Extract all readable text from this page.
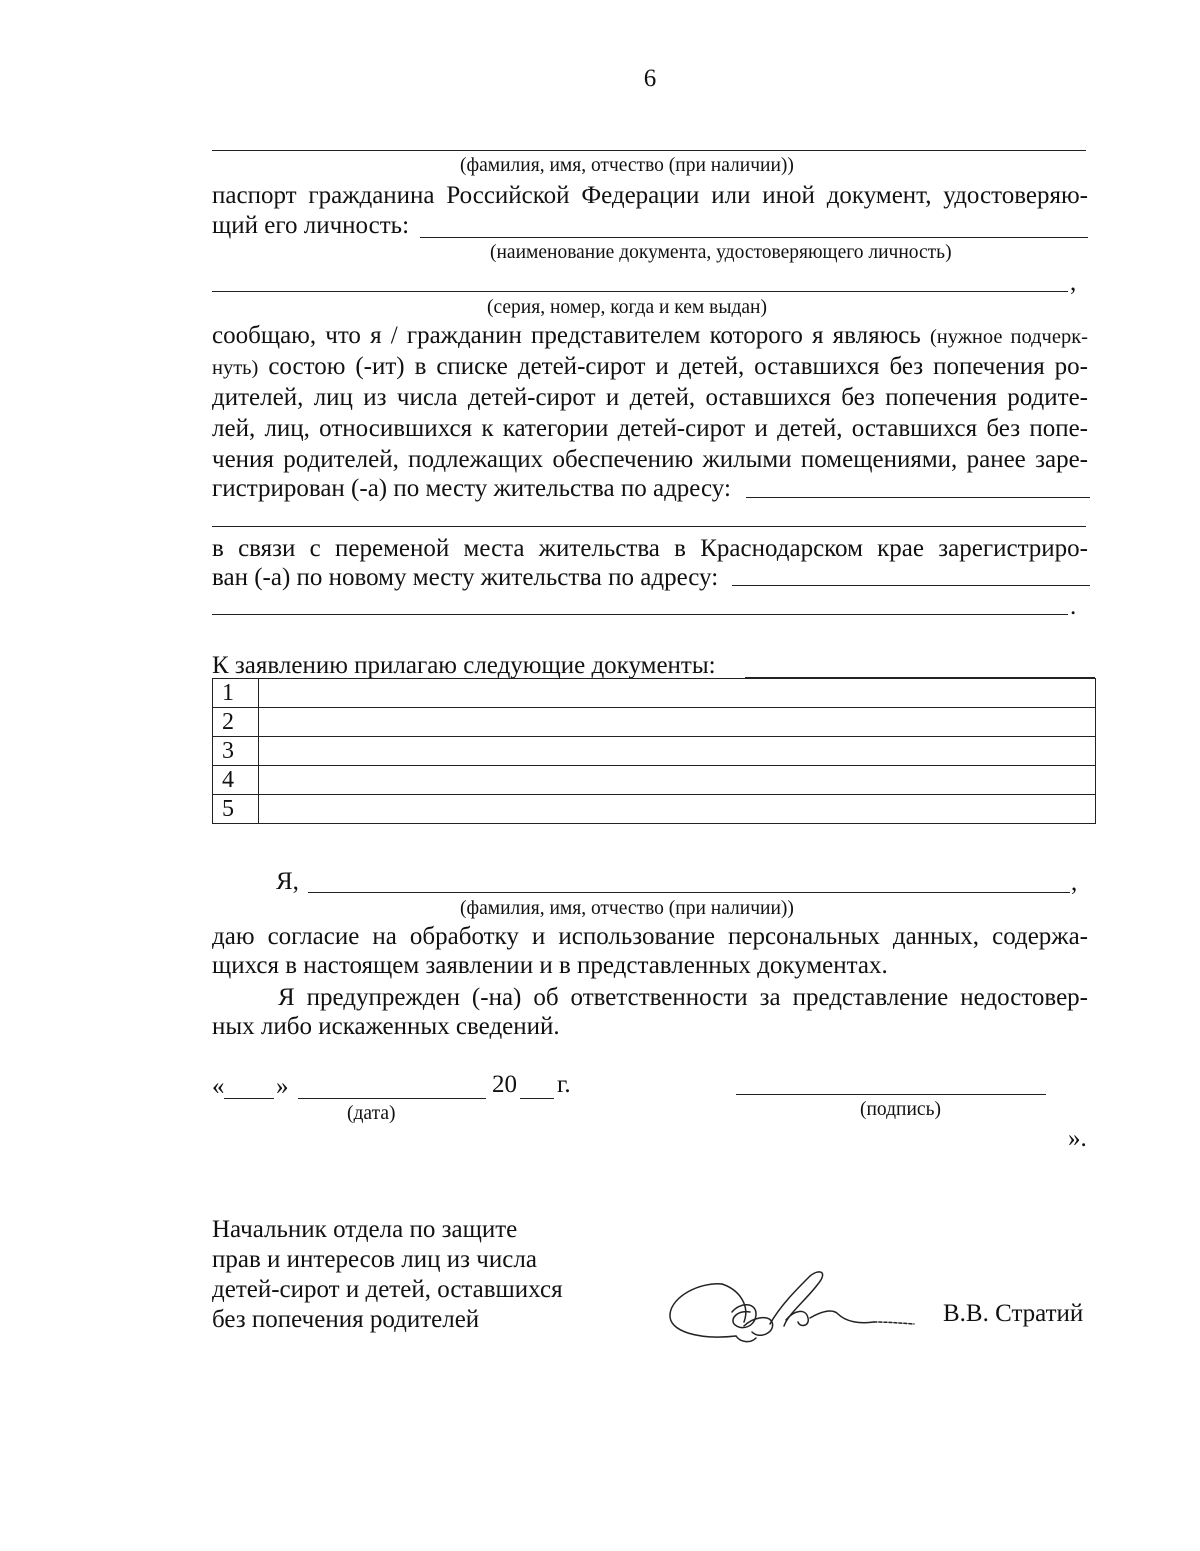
6
(фамилия, имя, отчество (при наличии))
паспорт гражданина Российской Федерации или иной документ, удостоверяю-
щий его личность:
(наименование документа, удостоверяющего личность)
,
(серия, номер, когда и кем выдан)
сообщаю, что я / гражданин представителем которого я являюсь (нужное подчерк-
нуть) состою (-ит) в списке детей-сирот и детей, оставшихся без попечения ро-
дителей, лиц из числа детей-сирот и детей, оставшихся без попечения родите-
лей, лиц, относившихся к категории детей-сирот и детей, оставшихся без попе-
чения родителей, подлежащих обеспечению жилыми помещениями, ранее заре-
гистрирован (-а) по месту жительства по адресу:
в связи с переменой места жительства в Краснодарском крае зарегистриро-
ван (-а) по новому месту жительства по адресу:
.
К заявлению прилагаю следующие документы:
1	
2	
3	
4	
5	
Я,	,
(фамилия, имя, отчество (при наличии))
даю согласие на обработку и использование персональных данных, содержа-
щихся в настоящем заявлении и в представленных документах.
Я предупрежден (-на) об ответственности за представление недостовер-
ных либо искаженных сведений.
« »	20 г.
(дата)	(подпись)
».
Начальник отдела по защите
прав и интересов лиц из числа
детей-сирот и детей, оставшихся
без попечения родителей	В.В. Стратий
